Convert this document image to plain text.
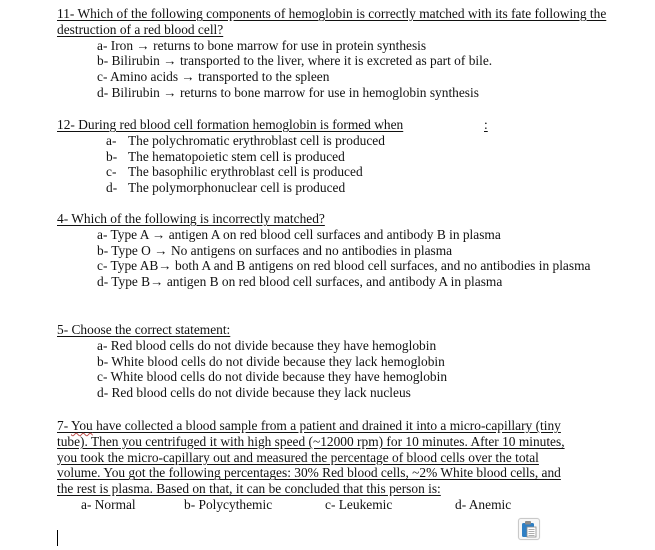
11- Which of the following components of hemoglobin is correctly matched with its fate following the destruction of a red blood cell?
a- Iron → returns to bone marrow for use in protein synthesis
b- Bilirubin → transported to the liver, where it is excreted as part of bile.
c- Amino acids → transported to the spleen
d- Bilirubin → returns to bone marrow for use in hemoglobin synthesis
12- During red blood cell formation hemoglobin is formed when	:
a- The polychromatic erythroblast cell is produced
b- The hematopoietic stem cell is produced
c- The basophilic erythroblast cell is produced
d- The polymorphonuclear cell is produced
4- Which of the following is incorrectly matched?
a- Type A → antigen A on red blood cell surfaces and antibody B in plasma
b- Type O → No antigens on surfaces and no antibodies in plasma
c- Type AB→ both A and B antigens on red blood cell surfaces, and no antibodies in plasma
d- Type B→ antigen B on red blood cell surfaces, and antibody A in plasma
5- Choose the correct statement:
a- Red blood cells do not divide because they have hemoglobin
b- White blood cells do not divide because they lack hemoglobin
c- White blood cells do not divide because they have hemoglobin
d- Red blood cells do not divide because they lack nucleus
7- You have collected a blood sample from a patient and drained it into a micro-capillary (tiny tube). Then you centrifuged it with high speed (~12000 rpm) for 10 minutes. After 10 minutes, you took the micro-capillary out and measured the percentage of blood cells over the total volume. You got the following percentages: 30% Red blood cells, ~2% White blood cells, and the rest is plasma. Based on that, it can be concluded that this person is:
a- Normal	b- Polycythemic	c- Leukemic	d- Anemic
